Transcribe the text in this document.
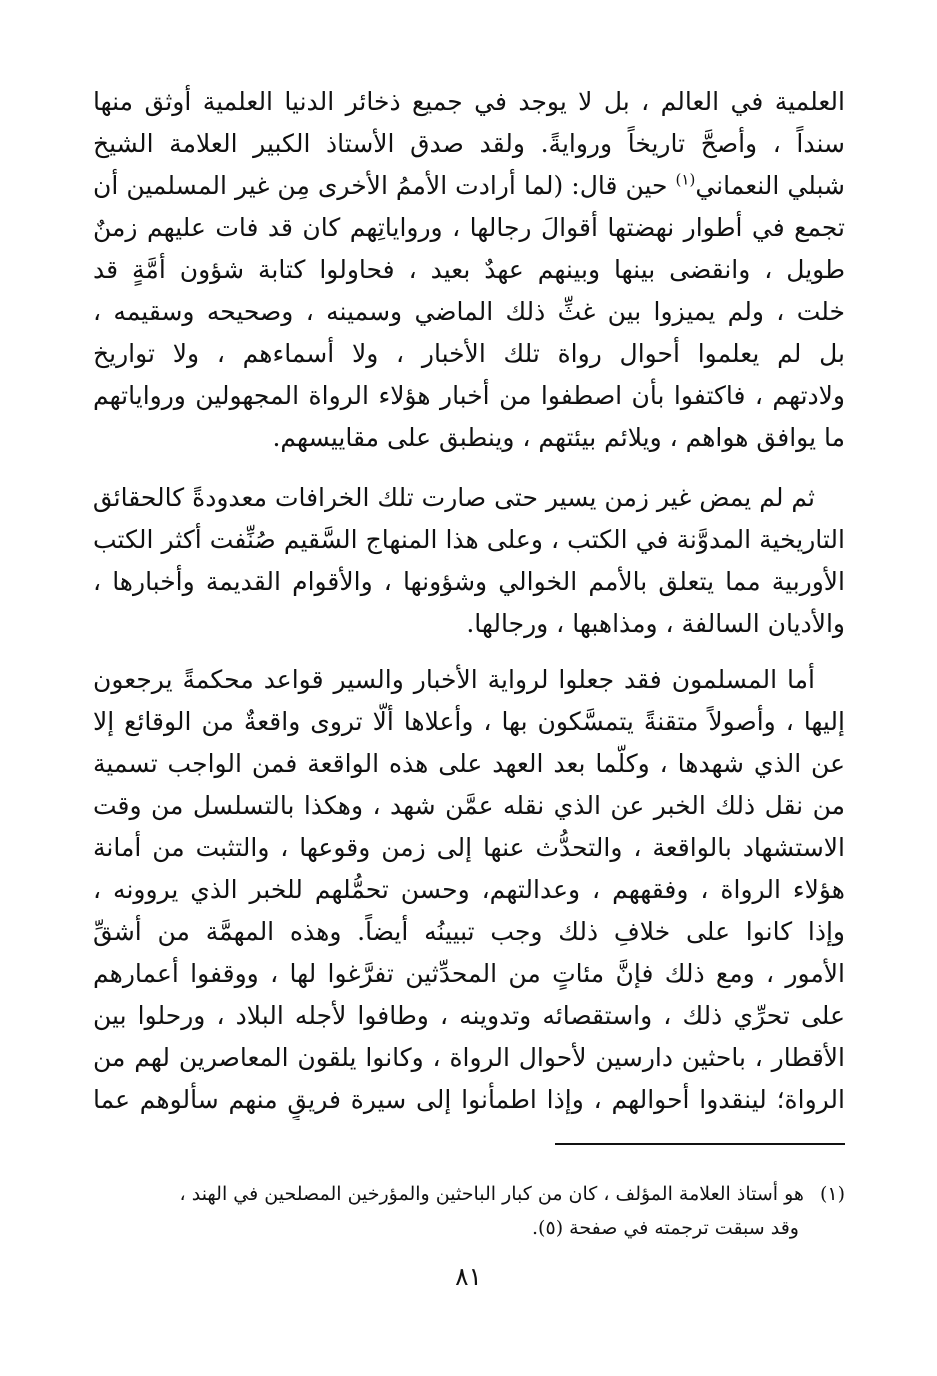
العلمية في العالم ، بل لا يوجد في جميع ذخائر الدنيا العلمية أوثق منها
سنداً ، وأصحَّ تاريخاً وروايةً. ولقد صدق الأستاذ الكبير العلامة الشيخ
شبلي النعماني$^{(١)}$ حين قال: (لما أرادت الأممُ الأخرى مِن غير المسلمين أن
تجمع في أطوار نهضتها أقوالَ رجالها ، ورواياتِهم كان قد فات عليهم زمنٌ
طويل ، وانقضى بينها وبينهم عهدٌ بعيد ، فحاولوا كتابة شؤون أمَّةٍ قد
خلت ، ولم يميزوا بين غثِّ ذلك الماضي وسمينه ، وصحيحه وسقيمه ،
بل لم يعلموا أحوال رواة تلك الأخبار ، ولا أسماءهم ، ولا تواريخ
ولادتهم ، فاكتفوا بأن اصطفوا من أخبار هؤلاء الرواة المجهولين ورواياتهم
ما يوافق هواهم ، ويلائم بيئتهم ، وينطبق على مقاييسهم.
ثم لم يمض غير زمن يسير حتى صارت تلك الخرافات معدودةً كالحقائق
التاريخية المدوَّنة في الكتب ، وعلى هذا المنهاج السَّقيم صُنِّفت أكثر الكتب
الأوربية مما يتعلق بالأمم الخوالي وشؤونها ، والأقوام القديمة وأخبارها ،
والأديان السالفة ، ومذاهبها ، ورجالها.
أما المسلمون فقد جعلوا لرواية الأخبار والسير قواعد محكمةً يرجعون
إليها ، وأصولاً متقنةً يتمسَّكون بها ، وأعلاها ألَّا تروى واقعةٌ من الوقائع إلا
عن الذي شهدها ، وكلَّما بعد العهد على هذه الواقعة فمن الواجب تسمية
من نقل ذلك الخبر عن الذي نقله عمَّن شهد ، وهكذا بالتسلسل من وقت
الاستشهاد بالواقعة ، والتحدُّث عنها إلى زمن وقوعها ، والتثبت من أمانة
هؤلاء الرواة ، وفقههم ، وعدالتهم، وحسن تحمُّلهم للخبر الذي يروونه ،
وإذا كانوا على خلافِ ذلك وجب تبيينُه أيضاً. وهذه المهمَّة من أشقِّ
الأمور ، ومع ذلك فإنَّ مئاتٍ من المحدِّثين تفرَّغوا لها ، ووقفوا أعمارهم
على تحرِّي ذلك ، واستقصائه وتدوينه ، وطافوا لأجله البلاد ، ورحلوا بين
الأقطار ، باحثين دارسين لأحوال الرواة ، وكانوا يلقون المعاصرين لهم من
الرواة؛ لينقدوا أحوالهم ، وإذا اطمأنوا إلى سيرة فريقٍ منهم سألوهم عما
(١)هو أستاذ العلامة المؤلف ، كان من كبار الباحثين والمؤرخين المصلحين في الهند ،
وقد سبقت ترجمته في صفحة (٥).
٨١
